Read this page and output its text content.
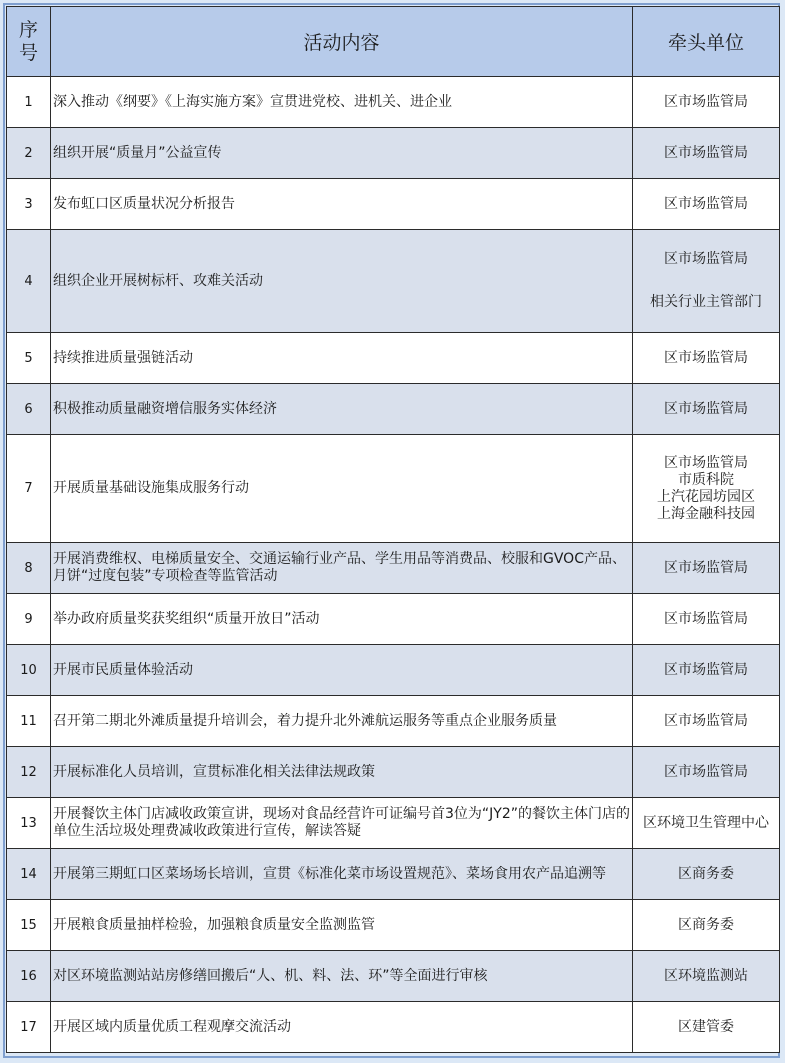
序号	活动内容	牵头单位
1	深入推动《纲要》《上海实施方案》宣贯进党校、进机关、进企业	区市场监管局
2	组织开展“质量月”公益宣传	区市场监管局
3	发布虹口区质量状况分析报告	区市场监管局
4	组织企业开展树标杆、攻难关活动	区市场监管局
相关行业主管部门

5	持续推进质量强链活动	区市场监管局
6	积极推动质量融资增信服务实体经济	区市场监管局
7	开展质量基础设施集成服务行动	区市场监管局
市质科院
上汽花园坊园区
上海金融科技园

8	开展消费维权、电梯质量安全、交通运输行业产品、学生用品等消费品、校服和GVOC产品、月饼“过度包装”专项检查等监管活动	区市场监管局
9	举办政府质量奖获奖组织“质量开放日”活动	区市场监管局
10	开展市民质量体验活动	区市场监管局
11	召开第二期北外滩质量提升培训会，着力提升北外滩航运服务等重点企业服务质量	区市场监管局
12	开展标准化人员培训，宣贯标准化相关法律法规政策	区市场监管局
13	开展餐饮主体门店减收政策宣讲，现场对食品经营许可证编号首3位为“JY2”的餐饮主体门店的单位生活垃圾处理费减收政策进行宣传，解读答疑	区环境卫生管理中心
14	开展第三期虹口区菜场场长培训，宣贯《标准化菜市场设置规范》、菜场食用农产品追溯等	区商务委
15	开展粮食质量抽样检验，加强粮食质量安全监测监管	区商务委
16	对区环境监测站站房修缮回搬后“人、机、料、法、环”等全面进行审核	区环境监测站
17	开展区域内质量优质工程观摩交流活动	区建管委
